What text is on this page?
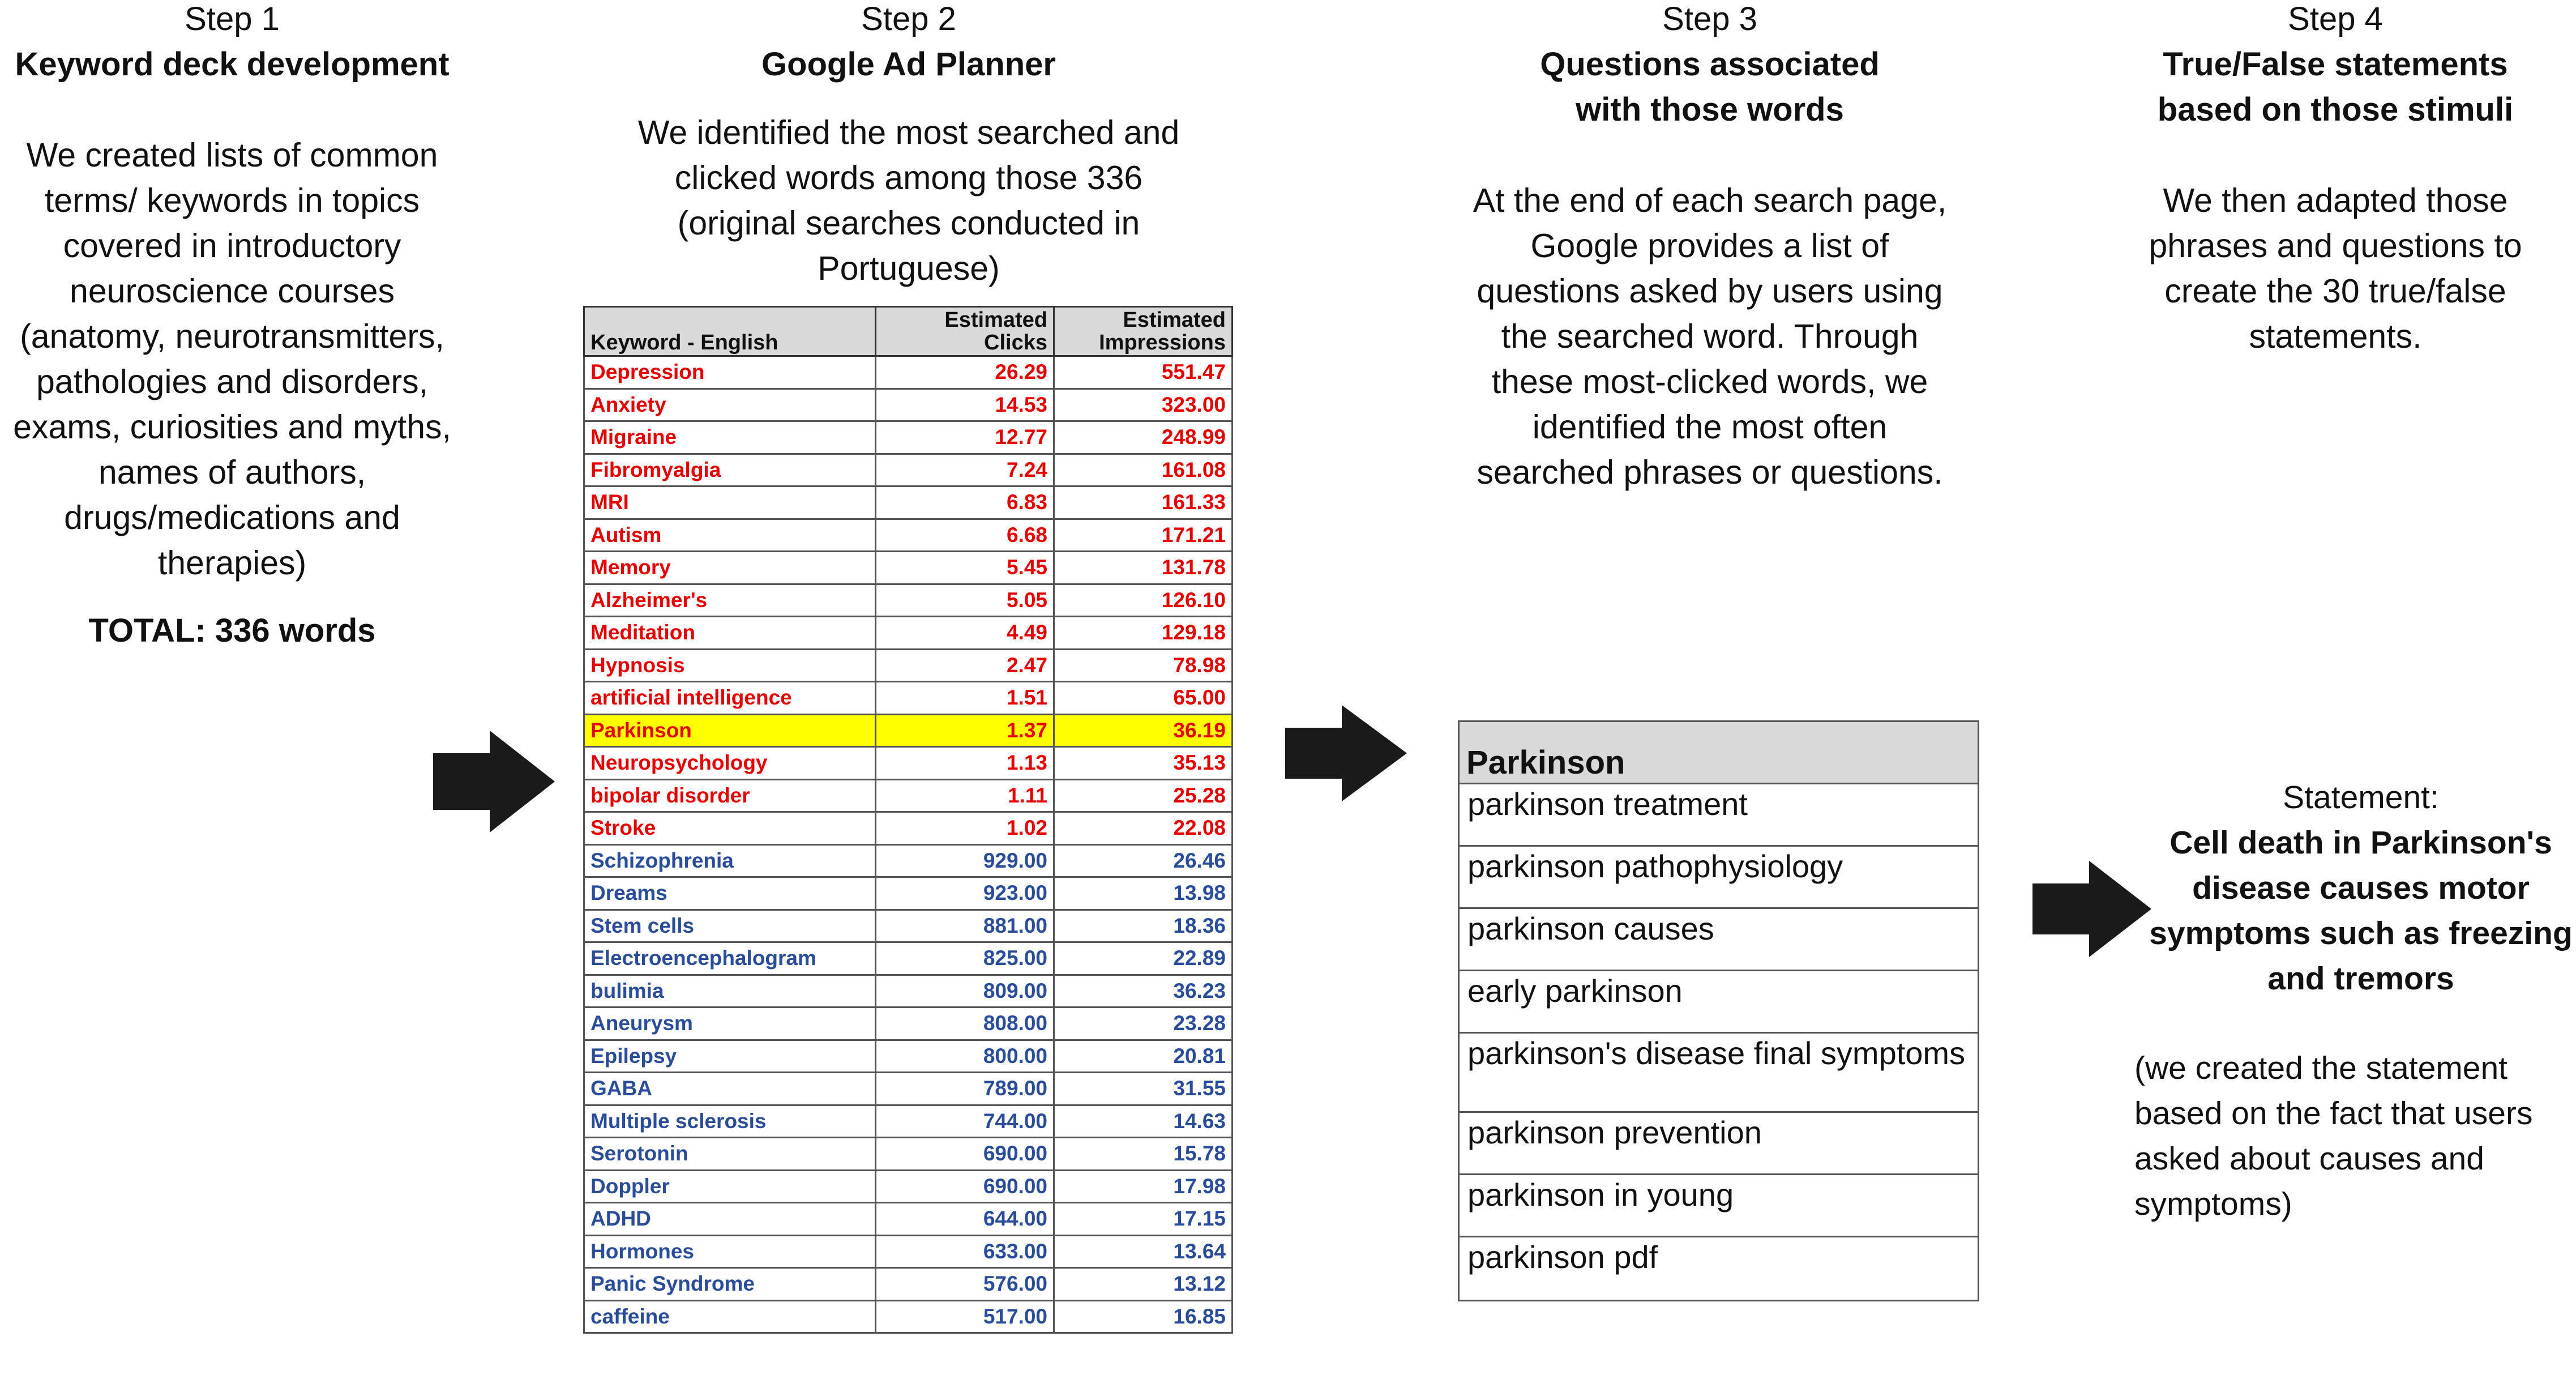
Step 1
Keyword deck development
We created lists of common terms/ keywords in topics covered in introductory neuroscience courses (anatomy, neurotransmitters, pathologies and disorders, exams, curiosities and myths, names of authors, drugs/medications and therapies)
TOTAL: 336 words
Step 2
Google Ad Planner
We identified the most searched and clicked words among those 336 (original searches conducted in Portuguese)
Keyword - English	Estimated Clicks	Estimated Impressions
Depression	26.29	551.47
Anxiety	14.53	323.00
Migraine	12.77	248.99
Fibromyalgia	7.24	161.08
MRI	6.83	161.33
Autism	6.68	171.21
Memory	5.45	131.78
Alzheimer's	5.05	126.10
Meditation	4.49	129.18
Hypnosis	2.47	78.98
artificial intelligence	1.51	65.00
Parkinson	1.37	36.19
Neuropsychology	1.13	35.13
bipolar disorder	1.11	25.28
Stroke	1.02	22.08
Schizophrenia	929.00	26.46
Dreams	923.00	13.98
Stem cells	881.00	18.36
Electroencephalogram	825.00	22.89
bulimia	809.00	36.23
Aneurysm	808.00	23.28
Epilepsy	800.00	20.81
GABA	789.00	31.55
Multiple sclerosis	744.00	14.63
Serotonin	690.00	15.78
Doppler	690.00	17.98
ADHD	644.00	17.15
Hormones	633.00	13.64
Panic Syndrome	576.00	13.12
caffeine	517.00	16.85
Step 3
Questions associated with those words
At the end of each search page, Google provides a list of questions asked by users using the searched word. Through these most-clicked words, we identified the most often searched phrases or questions.
Parkinson
parkinson treatment
parkinson pathophysiology
parkinson causes
early parkinson
parkinson's disease final symptoms
parkinson prevention
parkinson in young
parkinson pdf
Step 4
True/False statements based on those stimuli
We then adapted those phrases and questions to create the 30 true/false statements.
Statement:
Cell death in Parkinson's disease causes motor symptoms such as freezing and tremors
(we created the statement based on the fact that users asked about causes and symptoms)
